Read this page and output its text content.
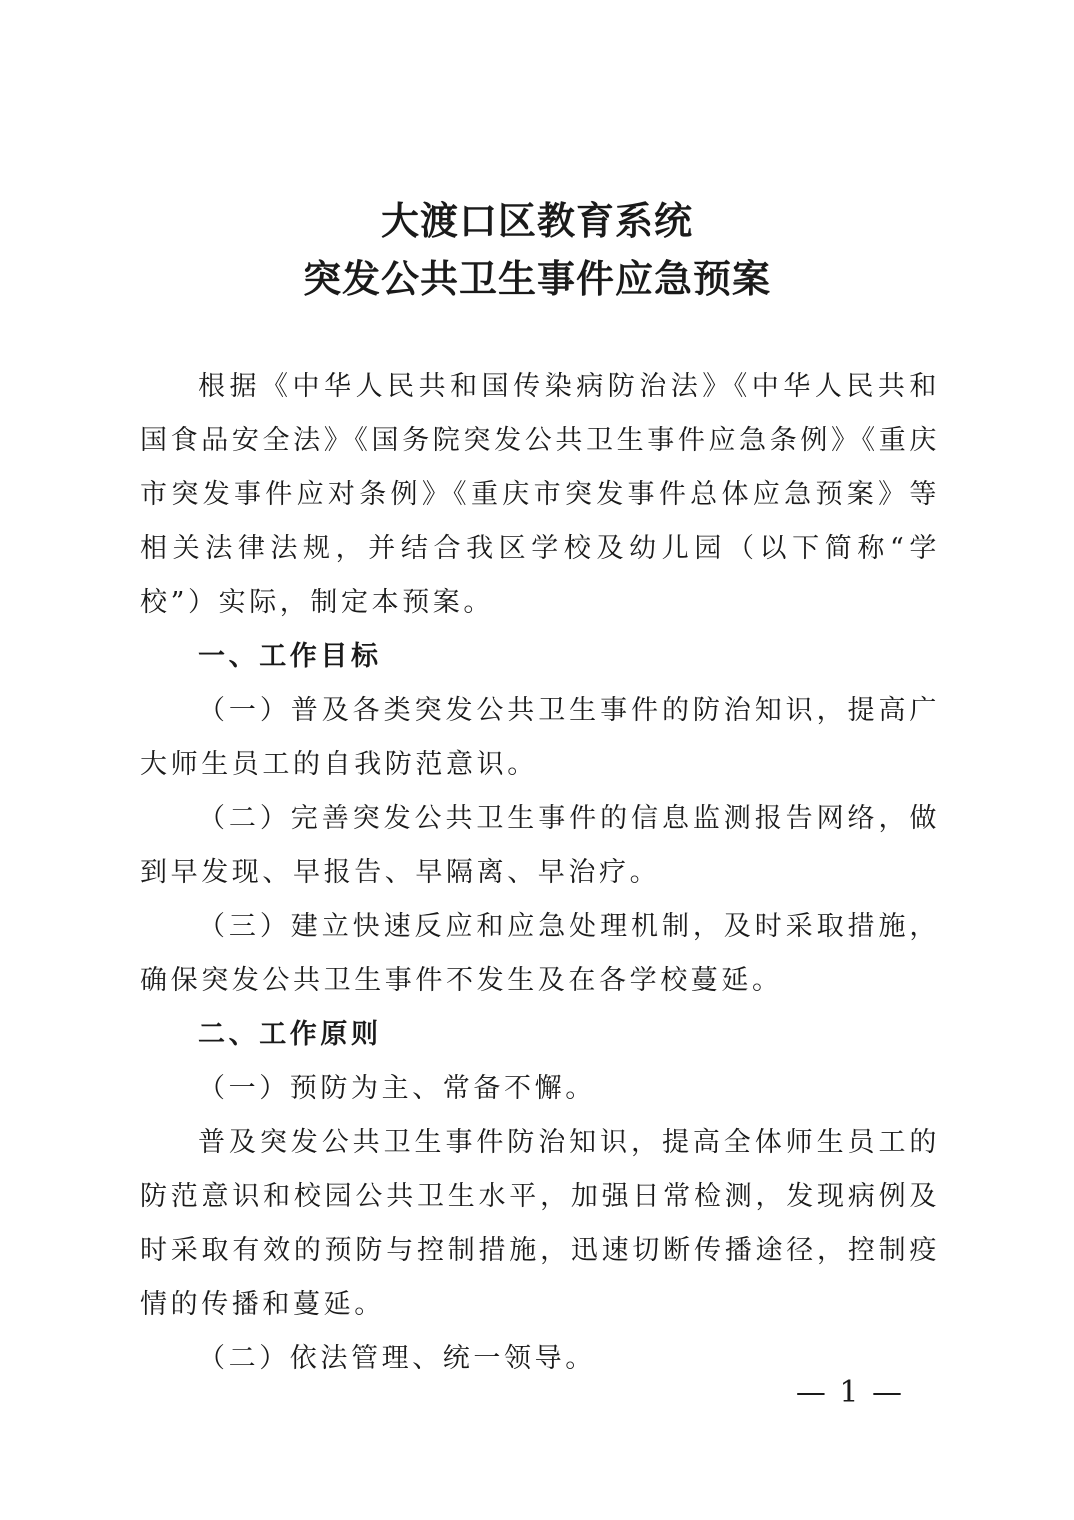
大渡口区教育系统
突发公共卫生事件应急预案

根据《中华人民共和国传染病防治法》《中华人民共和国食品安全法》《国务院突发公共卫生事件应急条例》《重庆市突发事件应对条例》《重庆市突发事件总体应急预案》等相关法律法规，并结合我区学校及幼儿园（以下简称“学校”）实际，制定本预案。

一、工作目标

（一）普及各类突发公共卫生事件的防治知识，提高广大师生员工的自我防范意识。

（二）完善突发公共卫生事件的信息监测报告网络，做到早发现、早报告、早隔离、早治疗。

（三）建立快速反应和应急处理机制，及时采取措施，确保突发公共卫生事件不发生及在各学校蔓延。

二、工作原则

（一）预防为主、常备不懈。

普及突发公共卫生事件防治知识，提高全体师生员工的防范意识和校园公共卫生水平，加强日常检测，发现病例及时采取有效的预防与控制措施，迅速切断传播途径，控制疫情的传播和蔓延。

（二）依法管理、统一领导。

— 1 —
